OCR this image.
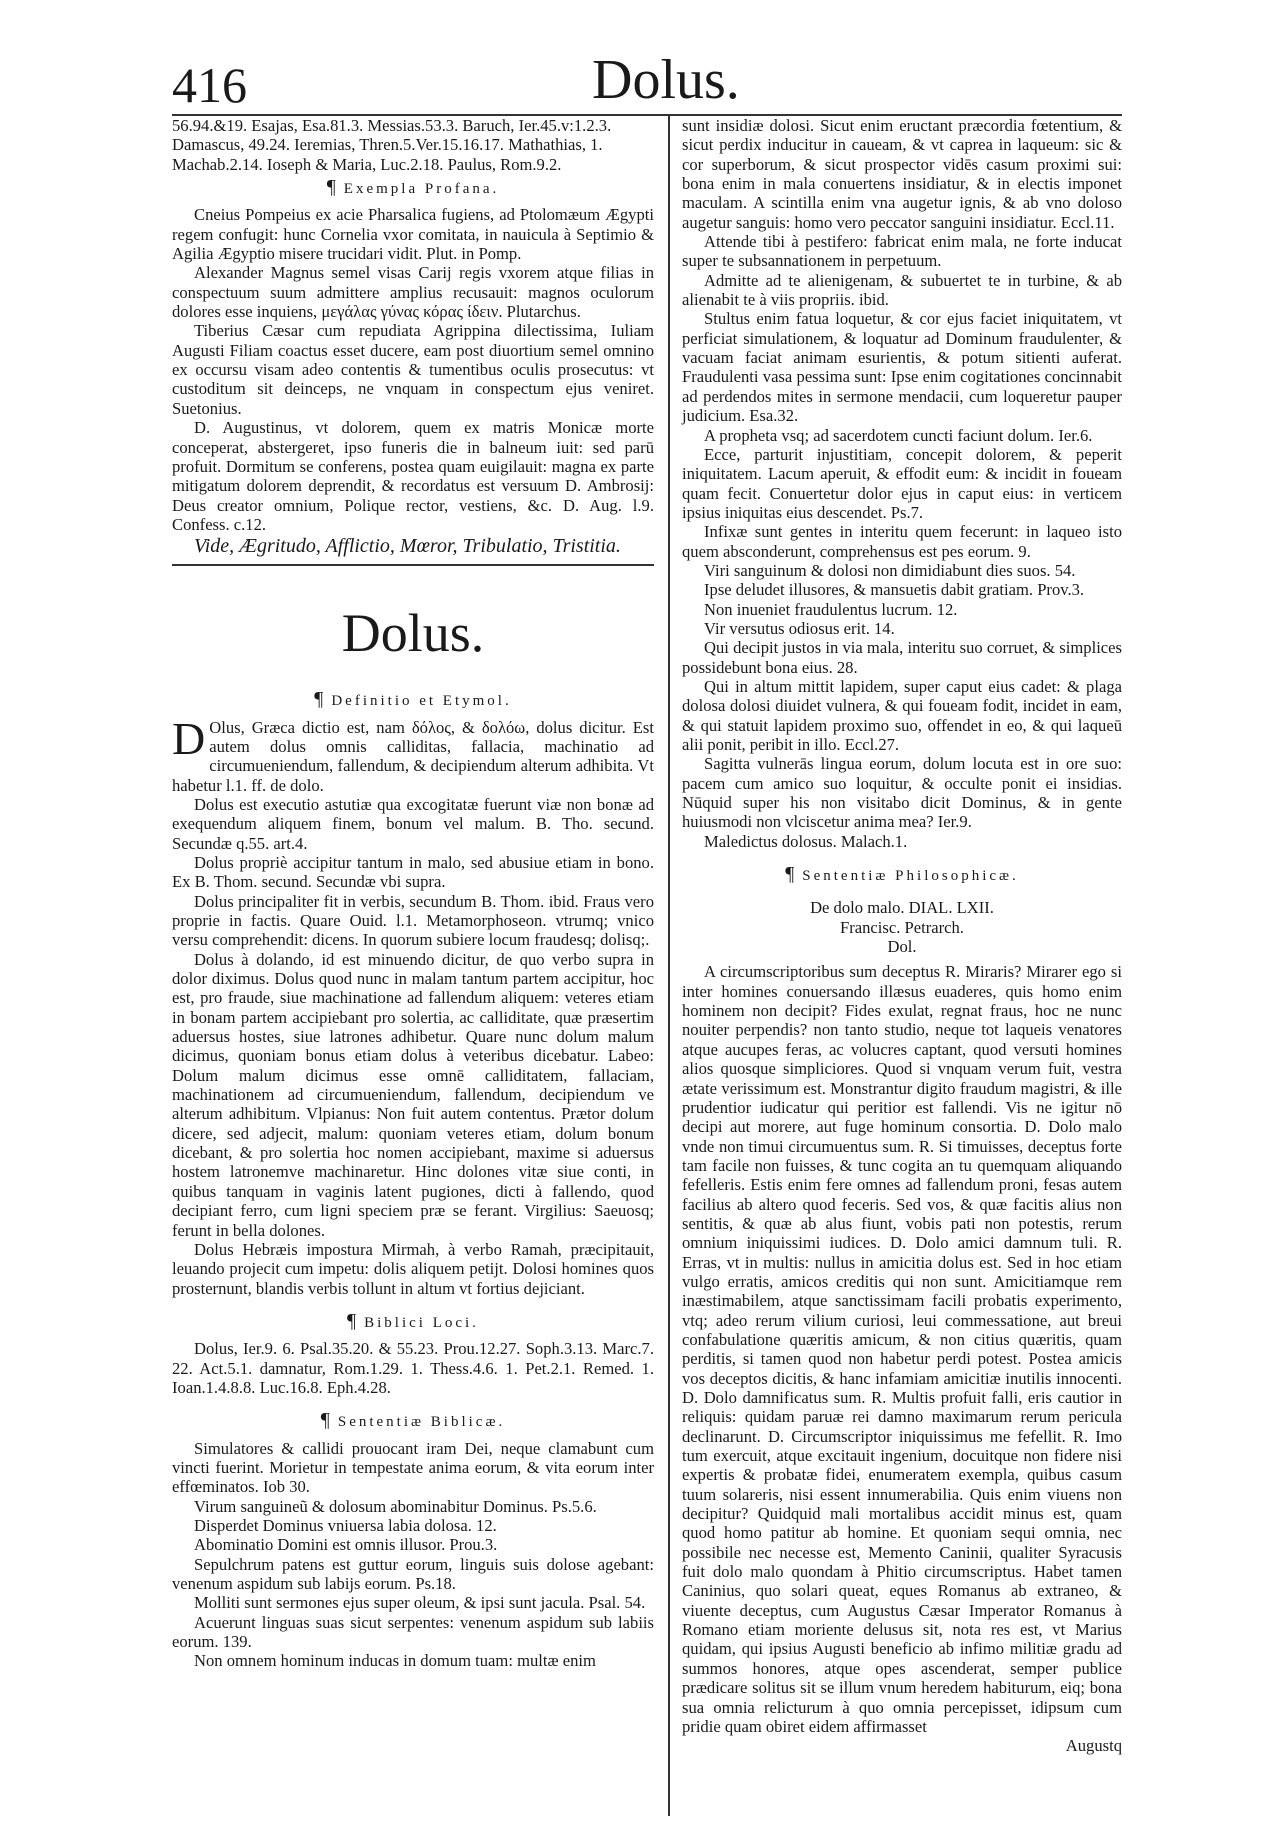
416	Dolus.

56.94.&19. Esajas, Esa.81.3. Messias.53.3. Baruch, Ier.45.v:1.2.3.

Damascus, 49.24. Ieremias, Thren.5.Ver.15.16.17. Mathathias, 1.

Machab.2.14. Ioseph & Maria, Luc.2.18. Paulus, Rom.9.2.

¶ Exempla Profana.

Cneius Pompeius ex acie Pharsalica fugiens, ad Ptolomæum Ægypti regem confugit: hunc Cornelia vxor comitata, in nauicula à Septimio & Agilia Ægyptio misere trucidari vidit. Plut. in Pomp.

Alexander Magnus semel visas Carij regis vxorem atque filias in conspectuum suum admittere amplius recusauit: magnos oculorum dolores esse inquiens, μεγάλας γύνας κόρας ίδειν. Plutarchus.

Tiberius Cæsar cum repudiata Agrippina dilectissima, Iuliam Augusti Filiam coactus esset ducere, eam post diuortium semel omnino ex occursu visam adeo contentis & tumentibus oculis prosecutus: vt custoditum sit deinceps, ne vnquam in conspectum ejus veniret. Suetonius.

D. Augustinus, vt dolorem, quem ex matris Monicæ morte conceperat, abstergeret, ipso funeris die in balneum iuit: sed parū profuit. Dormitum se conferens, postea quam euigilauit: magna ex parte mitigatum dolorem deprendit, & recordatus est versuum D. Ambrosij: Deus creator omnium, Polique rector, vestiens, &c. D. Aug. l.9. Confess. c.12.

Vide, Ægritudo, Afflictio, Mœror, Tribulatio, Tristitia.

Dolus.
¶ Definitio et Etymol.

D Olus, Græca dictio est, nam δόλος, & δολόω, dolus dicitur. Est autem dolus omnis calliditas, fallacia, machinatio ad circumueniendum, fallendum, & decipiendum alterum adhibita. Vt habetur l.1. ff. de dolo.

Dolus est executio astutiæ qua excogitatæ fuerunt viæ non bonæ ad exequendum aliquem finem, bonum vel malum. B. Tho. secund. Secundæ q.55. art.4.

Dolus propriè accipitur tantum in malo, sed abusiue etiam in bono. Ex B. Thom. secund. Secundæ vbi supra.

Dolus principaliter fit in verbis, secundum B. Thom. ibid. Fraus vero proprie in factis. Quare Ouid. l.1. Metamorphoseon. vtrumq; vnico versu comprehendit: dicens. In quorum subiere locum fraudesq; dolisq;.

Dolus à dolando, id est minuendo dicitur, de quo verbo supra in dolor diximus. Dolus quod nunc in malam tantum partem accipitur, hoc est, pro fraude, siue machinatione ad fallendum aliquem: veteres etiam in bonam partem accipiebant pro solertia, ac calliditate, quæ præsertim aduersus hostes, siue latrones adhibetur. Quare nunc dolum malum dicimus, quoniam bonus etiam dolus à veteribus dicebatur. Labeo: Dolum malum dicimus esse omnē calliditatem, fallaciam, machinationem ad circumueniendum, fallendum, decipiendum ve alterum adhibitum. Vlpianus: Non fuit autem contentus. Prætor dolum dicere, sed adjecit, malum: quoniam veteres etiam, dolum bonum dicebant, & pro solertia hoc nomen accipiebant, maxime si aduersus hostem latronemve machinaretur. Hinc dolones vitæ siue conti, in quibus tanquam in vaginis latent pugiones, dicti à fallendo, quod decipiant ferro, cum ligni speciem præ se ferant. Virgilius: Saeuosq; ferunt in bella dolones.

Dolus Hebræis impostura Mirmah, à verbo Ramah, præcipitauit, leuando projecit cum impetu: dolis aliquem petijt. Dolosi homines quos prosternunt, blandis verbis tollunt in altum vt fortius dejiciant.

¶ Biblici Loci.

Dolus, Ier.9. 6. Psal.35.20. & 55.23. Prou.12.27. Soph.3.13. Marc.7. 22. Act.5.1. damnatur, Rom.1.29. 1. Thess.4.6. 1. Pet.2.1. Remed. 1. Ioan.1.4.8.8. Luc.16.8. Eph.4.28.

¶ Sententiæ Biblicæ.

Simulatores & callidi prouocant iram Dei, neque clamabunt cum vincti fuerint. Morietur in tempestate anima eorum, & vita eorum inter effœminatos. Iob 30.

Virum sanguineũ & dolosum abominabitur Dominus. Ps.5.6.

Disperdet Dominus vniuersa labia dolosa. 12.

Abominatio Domini est omnis illusor. Prou.3.

Sepulchrum patens est guttur eorum, linguis suis dolose agebant: venenum aspidum sub labijs eorum. Ps.18.

Molliti sunt sermones ejus super oleum, & ipsi sunt jacula. Psal. 54.

Acuerunt linguas suas sicut serpentes: venenum aspidum sub labiis eorum. 139.

Non omnem hominum inducas in domum tuam: multæ enim

sunt insidiæ dolosi. Sicut enim eructant præcordia fœtentium, & sicut perdix inducitur in caueam, & vt caprea in laqueum: sic & cor superborum, & sicut prospector vidēs casum proximi sui: bona enim in mala conuertens insidiatur, & in electis imponet maculam. A scintilla enim vna augetur ignis, & ab vno doloso augetur sanguis: homo vero peccator sanguini insidiatur. Eccl.11.

Attende tibi à pestifero: fabricat enim mala, ne forte inducat super te subsannationem in perpetuum.

Admitte ad te alienigenam, & subuertet te in turbine, & ab alienabit te à viis propriis. ibid.

Stultus enim fatua loquetur, & cor ejus faciet iniquitatem, vt perficiat simulationem, & loquatur ad Dominum fraudulenter, & vacuam faciat animam esurientis, & potum sitienti auferat. Fraudulenti vasa pessima sunt: Ipse enim cogitationes concinnabit ad perdendos mites in sermone mendacii, cum loqueretur pauper judicium. Esa.32.

A propheta vsq; ad sacerdotem cuncti faciunt dolum. Ier.6.

Ecce, parturit injustitiam, concepit dolorem, & peperit iniquitatem. Lacum aperuit, & effodit eum: & incidit in foueam quam fecit. Conuertetur dolor ejus in caput eius: in verticem ipsius iniquitas eius descendet. Ps.7.

Infixæ sunt gentes in interitu quem fecerunt: in laqueo isto quem absconderunt, comprehensus est pes eorum. 9.

Viri sanguinum & dolosi non dimidiabunt dies suos. 54.

Ipse deludet illusores, & mansuetis dabit gratiam. Prov.3.

Non inueniet fraudulentus lucrum. 12.

Vir versutus odiosus erit. 14.

Qui decipit justos in via mala, interitu suo corruet, & simplices possidebunt bona eius. 28.

Qui in altum mittit lapidem, super caput eius cadet: & plaga dolosa dolosi diuidet vulnera, & qui foueam fodit, incidet in eam, & qui statuit lapidem proximo suo, offendet in eo, & qui laqueū alii ponit, peribit in illo. Eccl.27.

Sagitta vulnerās lingua eorum, dolum locuta est in ore suo: pacem cum amico suo loquitur, & occulte ponit ei insidias. Nūquid super his non visitabo dicit Dominus, & in gente huiusmodi non vlciscetur anima mea? Ier.9.

Maledictus dolosus. Malach.1.

¶ Sententiæ Philosophicæ.

De dolo malo. DIAL. LXII.

Francisc. Petrarch.

Dol.

A circumscriptoribus sum deceptus R. Miraris? Mirarer ego si inter homines conuersando illæsus euaderes, quis homo enim hominem non decipit? Fides exulat, regnat fraus, hoc ne nunc nouiter perpendis? non tanto studio, neque tot laqueis venatores atque aucupes feras, ac volucres captant, quod versuti homines alios quosque simpliciores. Quod si vnquam verum fuit, vestra ætate verissimum est. Monstrantur digito fraudum magistri, & ille prudentior iudicatur qui peritior est fallendi. Vis ne igitur nō decipi aut morere, aut fuge hominum consortia. D. Dolo malo vnde non timui circumuentus sum. R. Si timuisses, deceptus forte tam facile non fuisses, & tunc cogita an tu quemquam aliquando fefelleris. Estis enim fere omnes ad fallendum proni, fesas autem facilius ab altero quod feceris. Sed vos, & quæ facitis alius non sentitis, & quæ ab alus fiunt, vobis pati non potestis, rerum omnium iniquissimi iudices. D. Dolo amici damnum tuli. R. Erras, vt in multis: nullus in amicitia dolus est. Sed in hoc etiam vulgo erratis, amicos creditis qui non sunt. Amicitiamque rem inæstimabilem, atque sanctissimam facili probatis experimento, vtq; adeo rerum vilium curiosi, leui commessatione, aut breui confabulatione quæritis amicum, & non citius quæritis, quam perditis, si tamen quod non habetur perdi potest. Postea amicis vos deceptos dicitis, & hanc infamiam amicitiæ inutilis innocenti. D. Dolo damnificatus sum. R. Multis profuit falli, eris cautior in reliquis: quidam paruæ rei damno maximarum rerum pericula declinarunt. D. Circumscriptor iniquissimus me fefellit. R. Imo tum exercuit, atque excitauit ingenium, docuitque non fidere nisi expertis & probatæ fidei, enumeratem exempla, quibus casum tuum solareris, nisi essent innumerabilia. Quis enim viuens non decipitur? Quidquid mali mortalibus accidit minus est, quam quod homo patitur ab homine. Et quoniam sequi omnia, nec possibile nec necesse est, Memento Caninii, qualiter Syracusis fuit dolo malo quondam à Phitio circumscriptus. Habet tamen Caninius, quo solari queat, eques Romanus ab extraneo, & viuente deceptus, cum Augustus Cæsar Imperator Romanus à Romano etiam moriente delusus sit, nota res est, vt Marius quidam, qui ipsius Augusti beneficio ab infimo militiæ gradu ad summos honores, atque opes ascenderat, semper publice prædicare solitus sit se illum vnum heredem habiturum, eiq; bona sua omnia relicturum à quo omnia percepisset, idipsum cum pridie quam obiret eidem affirmasset

Augustq
